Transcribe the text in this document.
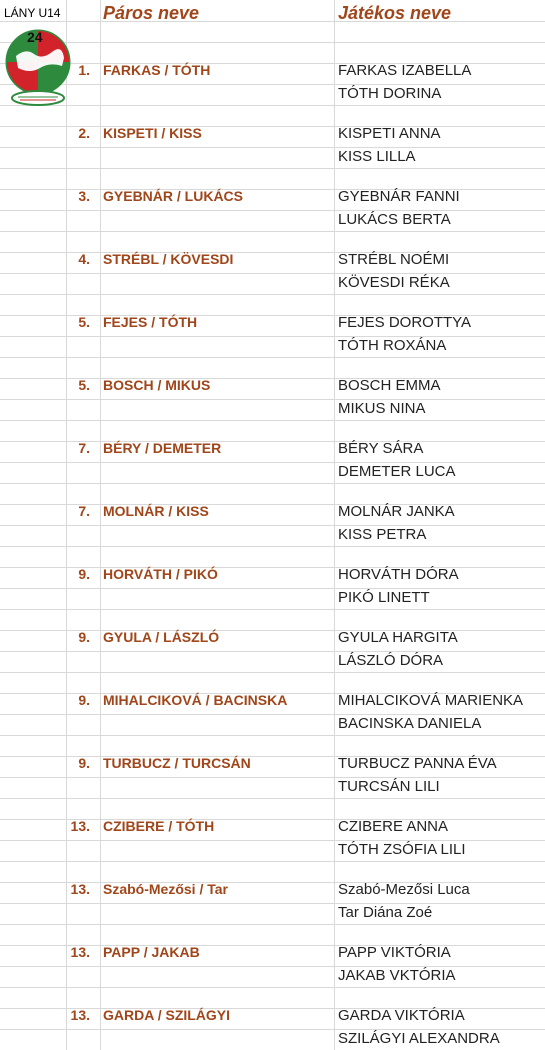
LÁNY U14 Páros neve	Játékos neve
24
1. FARKAS / TÓTH	FARKAS IZABELLA
TÓTH DORINA
2. KISPETI / KISS	KISPETI ANNA
KISS LILLA
3. GYEBNÁR / LUKÁCS	GYEBNÁR FANNI
LUKÁCS BERTA
4. STRÉBL / KÖVESDI	STRÉBL NOÉMI
KÖVESDI RÉKA
5. FEJES / TÓTH	FEJES DOROTTYA
TÓTH ROXÁNA
5. BOSCH / MIKUS	BOSCH EMMA
MIKUS NINA
7. BÉRY / DEMETER	BÉRY SÁRA
DEMETER LUCA
7. MOLNÁR / KISS	MOLNÁR JANKA
KISS PETRA
9. HORVÁTH / PIKÓ	HORVÁTH DÓRA
PIKÓ LINETT
9. GYULA / LÁSZLÓ	GYULA HARGITA
LÁSZLÓ DÓRA
9. MIHALCIKOVÁ / BACINSKA	MIHALCIKOVÁ MARIENKA
BACINSKA DANIELA
9. TURBUCZ / TURCSÁN	TURBUCZ PANNA ÉVA
TURCSÁN LILI
13. CZIBERE / TÓTH	CZIBERE ANNA
TÓTH ZSÓFIA LILI
13. Szabó-Mezősi / Tar	Szabó-Mezősi Luca
Tar Diána Zoé
13. PAPP / JAKAB	PAPP VIKTÓRIA
JAKAB VKTÓRIA
13. GARDA / SZILÁGYI	GARDA VIKTÓRIA
SZILÁGYI ALEXANDRA
